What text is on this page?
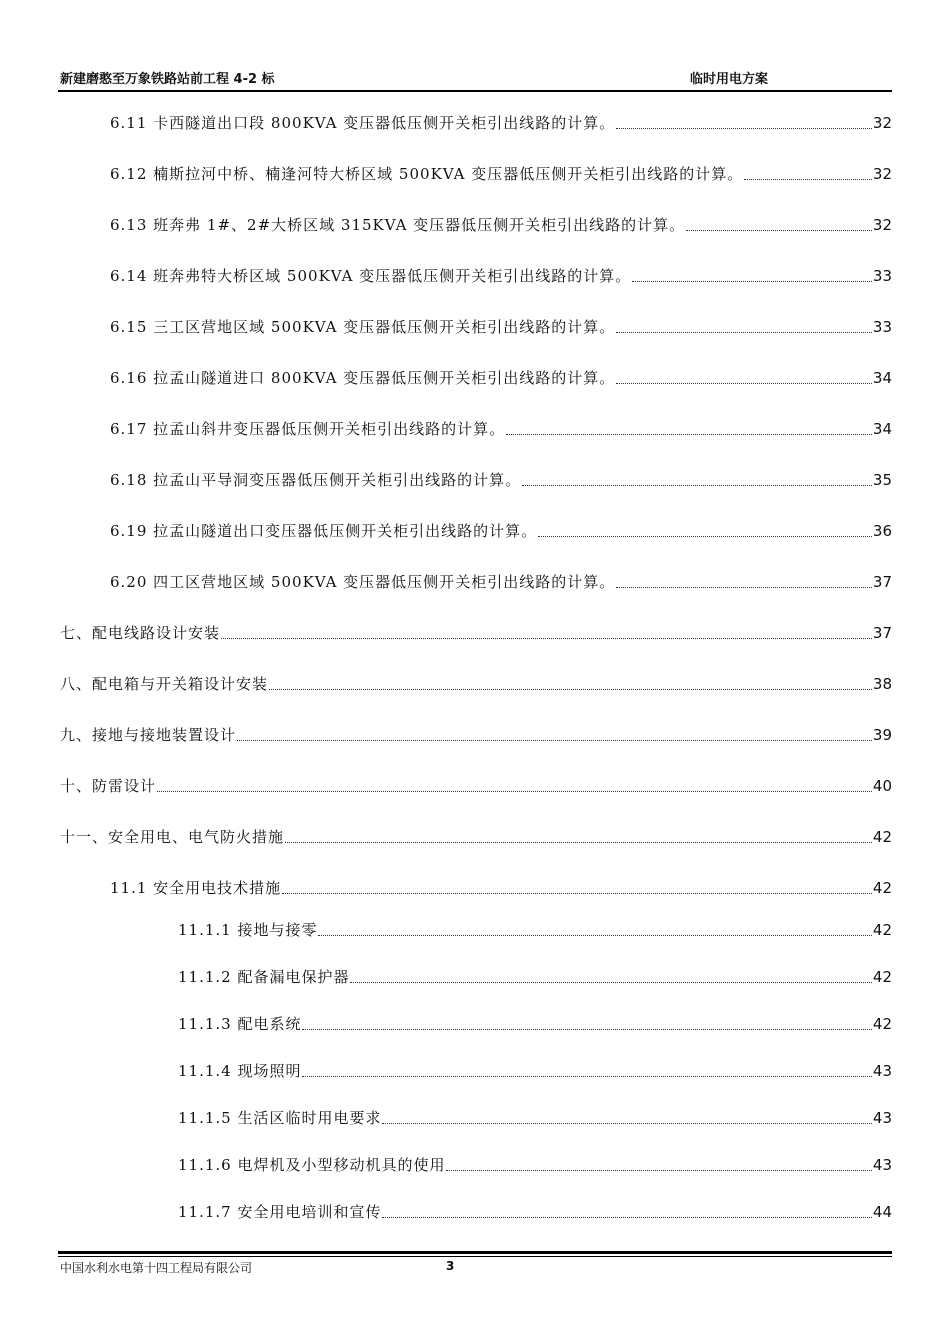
新建磨憨至万象铁路站前工程 4-2 标	临时用电方案
6.11 卡西隧道出口段 800KVA 变压器低压侧开关柜引出线路的计算。	32
6.12 楠斯拉河中桥、楠逢河特大桥区域 500KVA 变压器低压侧开关柜引出线路的计算。	32
6.13 班奔弗 1#、2#大桥区域 315KVA 变压器低压侧开关柜引出线路的计算。	32
6.14 班奔弗特大桥区域 500KVA 变压器低压侧开关柜引出线路的计算。	33
6.15 三工区营地区域 500KVA 变压器低压侧开关柜引出线路的计算。	33
6.16 拉孟山隧道进口 800KVA 变压器低压侧开关柜引出线路的计算。	34
6.17 拉孟山斜井变压器低压侧开关柜引出线路的计算。	34
6.18 拉孟山平导洞变压器低压侧开关柜引出线路的计算。	35
6.19 拉孟山隧道出口变压器低压侧开关柜引出线路的计算。	36
6.20 四工区营地区域 500KVA 变压器低压侧开关柜引出线路的计算。	37
七、配电线路设计安装	37
八、配电箱与开关箱设计安装	38
九、接地与接地装置设计	39
十、防雷设计	40
十一、安全用电、电气防火措施	42
11.1 安全用电技术措施	42
11.1.1 接地与接零	42
11.1.2 配备漏电保护器	42
11.1.3 配电系统	42
11.1.4 现场照明	43
11.1.5 生活区临时用电要求	43
11.1.6 电焊机及小型移动机具的使用	43
11.1.7 安全用电培训和宣传	44
中国水利水电第十四工程局有限公司	3
